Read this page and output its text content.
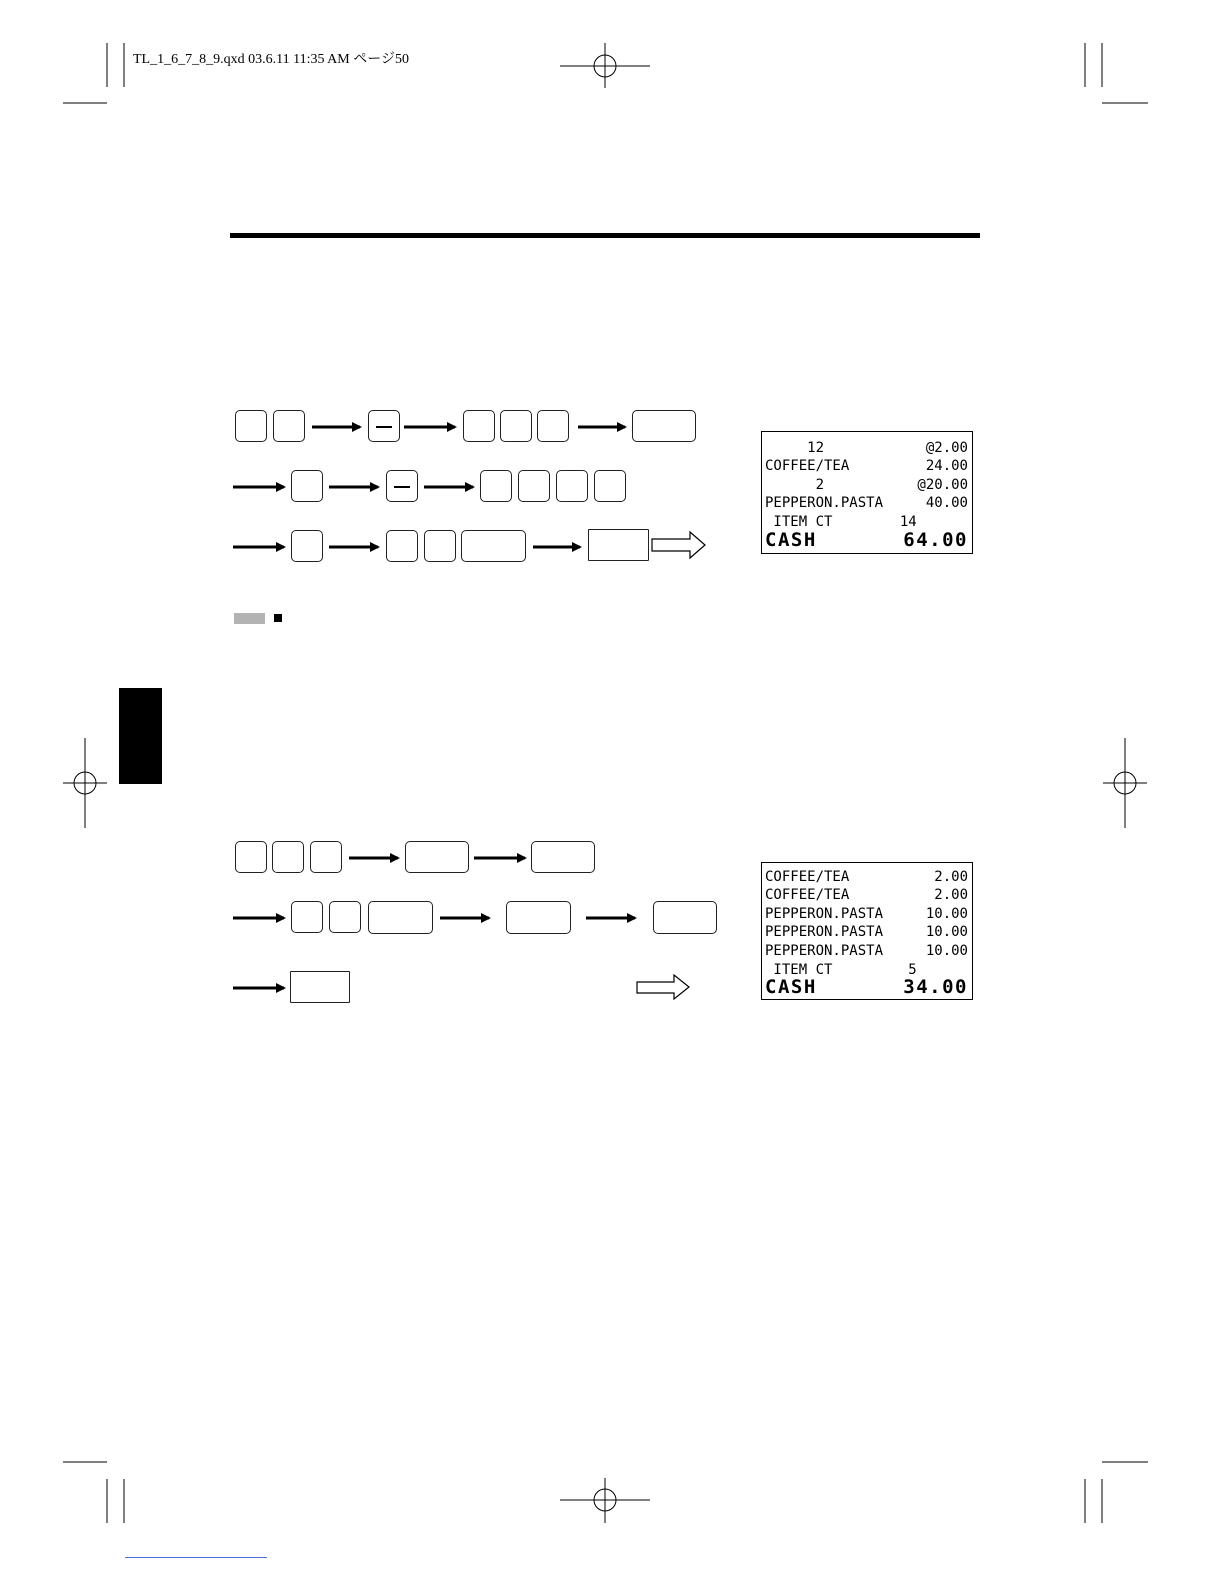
TL_1_6_7_8_9.qxd 03.6.11 11:35 AM ページ50
12	@2.00
COFFEE/TEA	24.00
2	@20.00
PEPPERON.PASTA	40.00
ITEM CT        14
CASH	64.00
COFFEE/TEA	2.00
COFFEE/TEA	2.00
PEPPERON.PASTA	10.00
PEPPERON.PASTA	10.00
PEPPERON.PASTA	10.00
ITEM CT         5
CASH	34.00
